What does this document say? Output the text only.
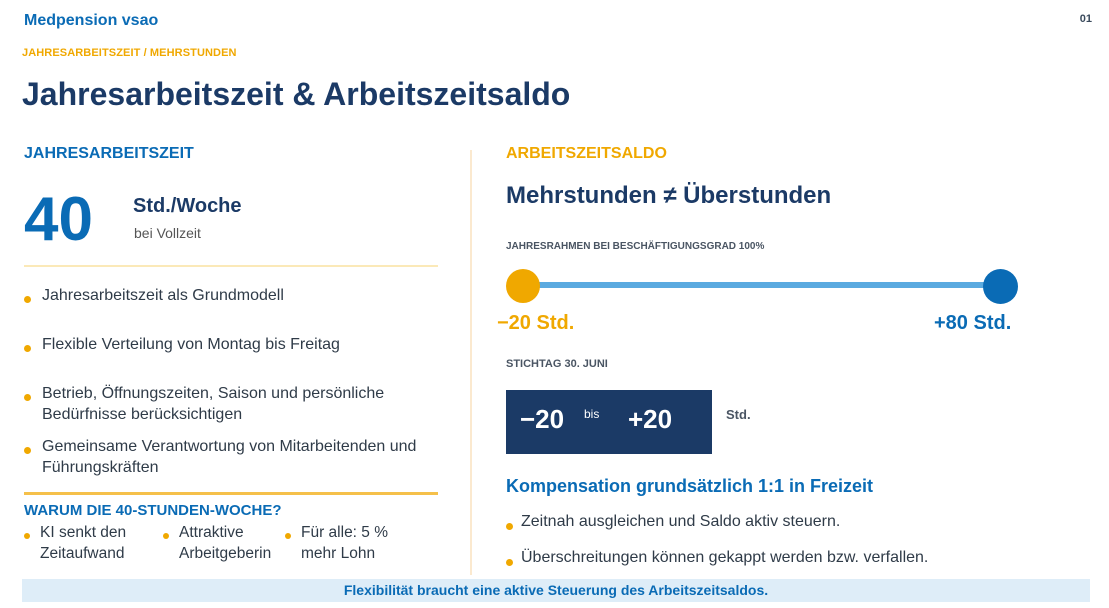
Medpension vsao	01
JAHRESARBEITSZEIT / MEHRSTUNDEN
Jahresarbeitszeit & Arbeitszeitsaldo
JAHRESARBEITSZEIT
40 Std./Woche
bei Vollzeit
Jahresarbeitszeit als Grundmodell
Flexible Verteilung von Montag bis Freitag
Betrieb, Öffnungszeiten, Saison und persönliche Bedürfnisse berücksichtigen
Gemeinsame Verantwortung von Mitarbeitenden und Führungskräften
WARUM DIE 40-STUNDEN-WOCHE?
KI senkt den Zeitaufwand
Attraktive Arbeitgeberin
Für alle: 5 % mehr Lohn
ARBEITSZEITSALDO
Mehrstunden ≠ Überstunden
JAHRESRAHMEN BEI BESCHÄFTIGUNGSGRAD 100%
−20 Std.	+80 Std.
STICHTAG 30. JUNI
−20 bis +20	Std.
Kompensation grundsätzlich 1:1 in Freizeit
Zeitnah ausgleichen und Saldo aktiv steuern.
Überschreitungen können gekappt werden bzw. verfallen.
Flexibilität braucht eine aktive Steuerung des Arbeitszeitsaldos.
